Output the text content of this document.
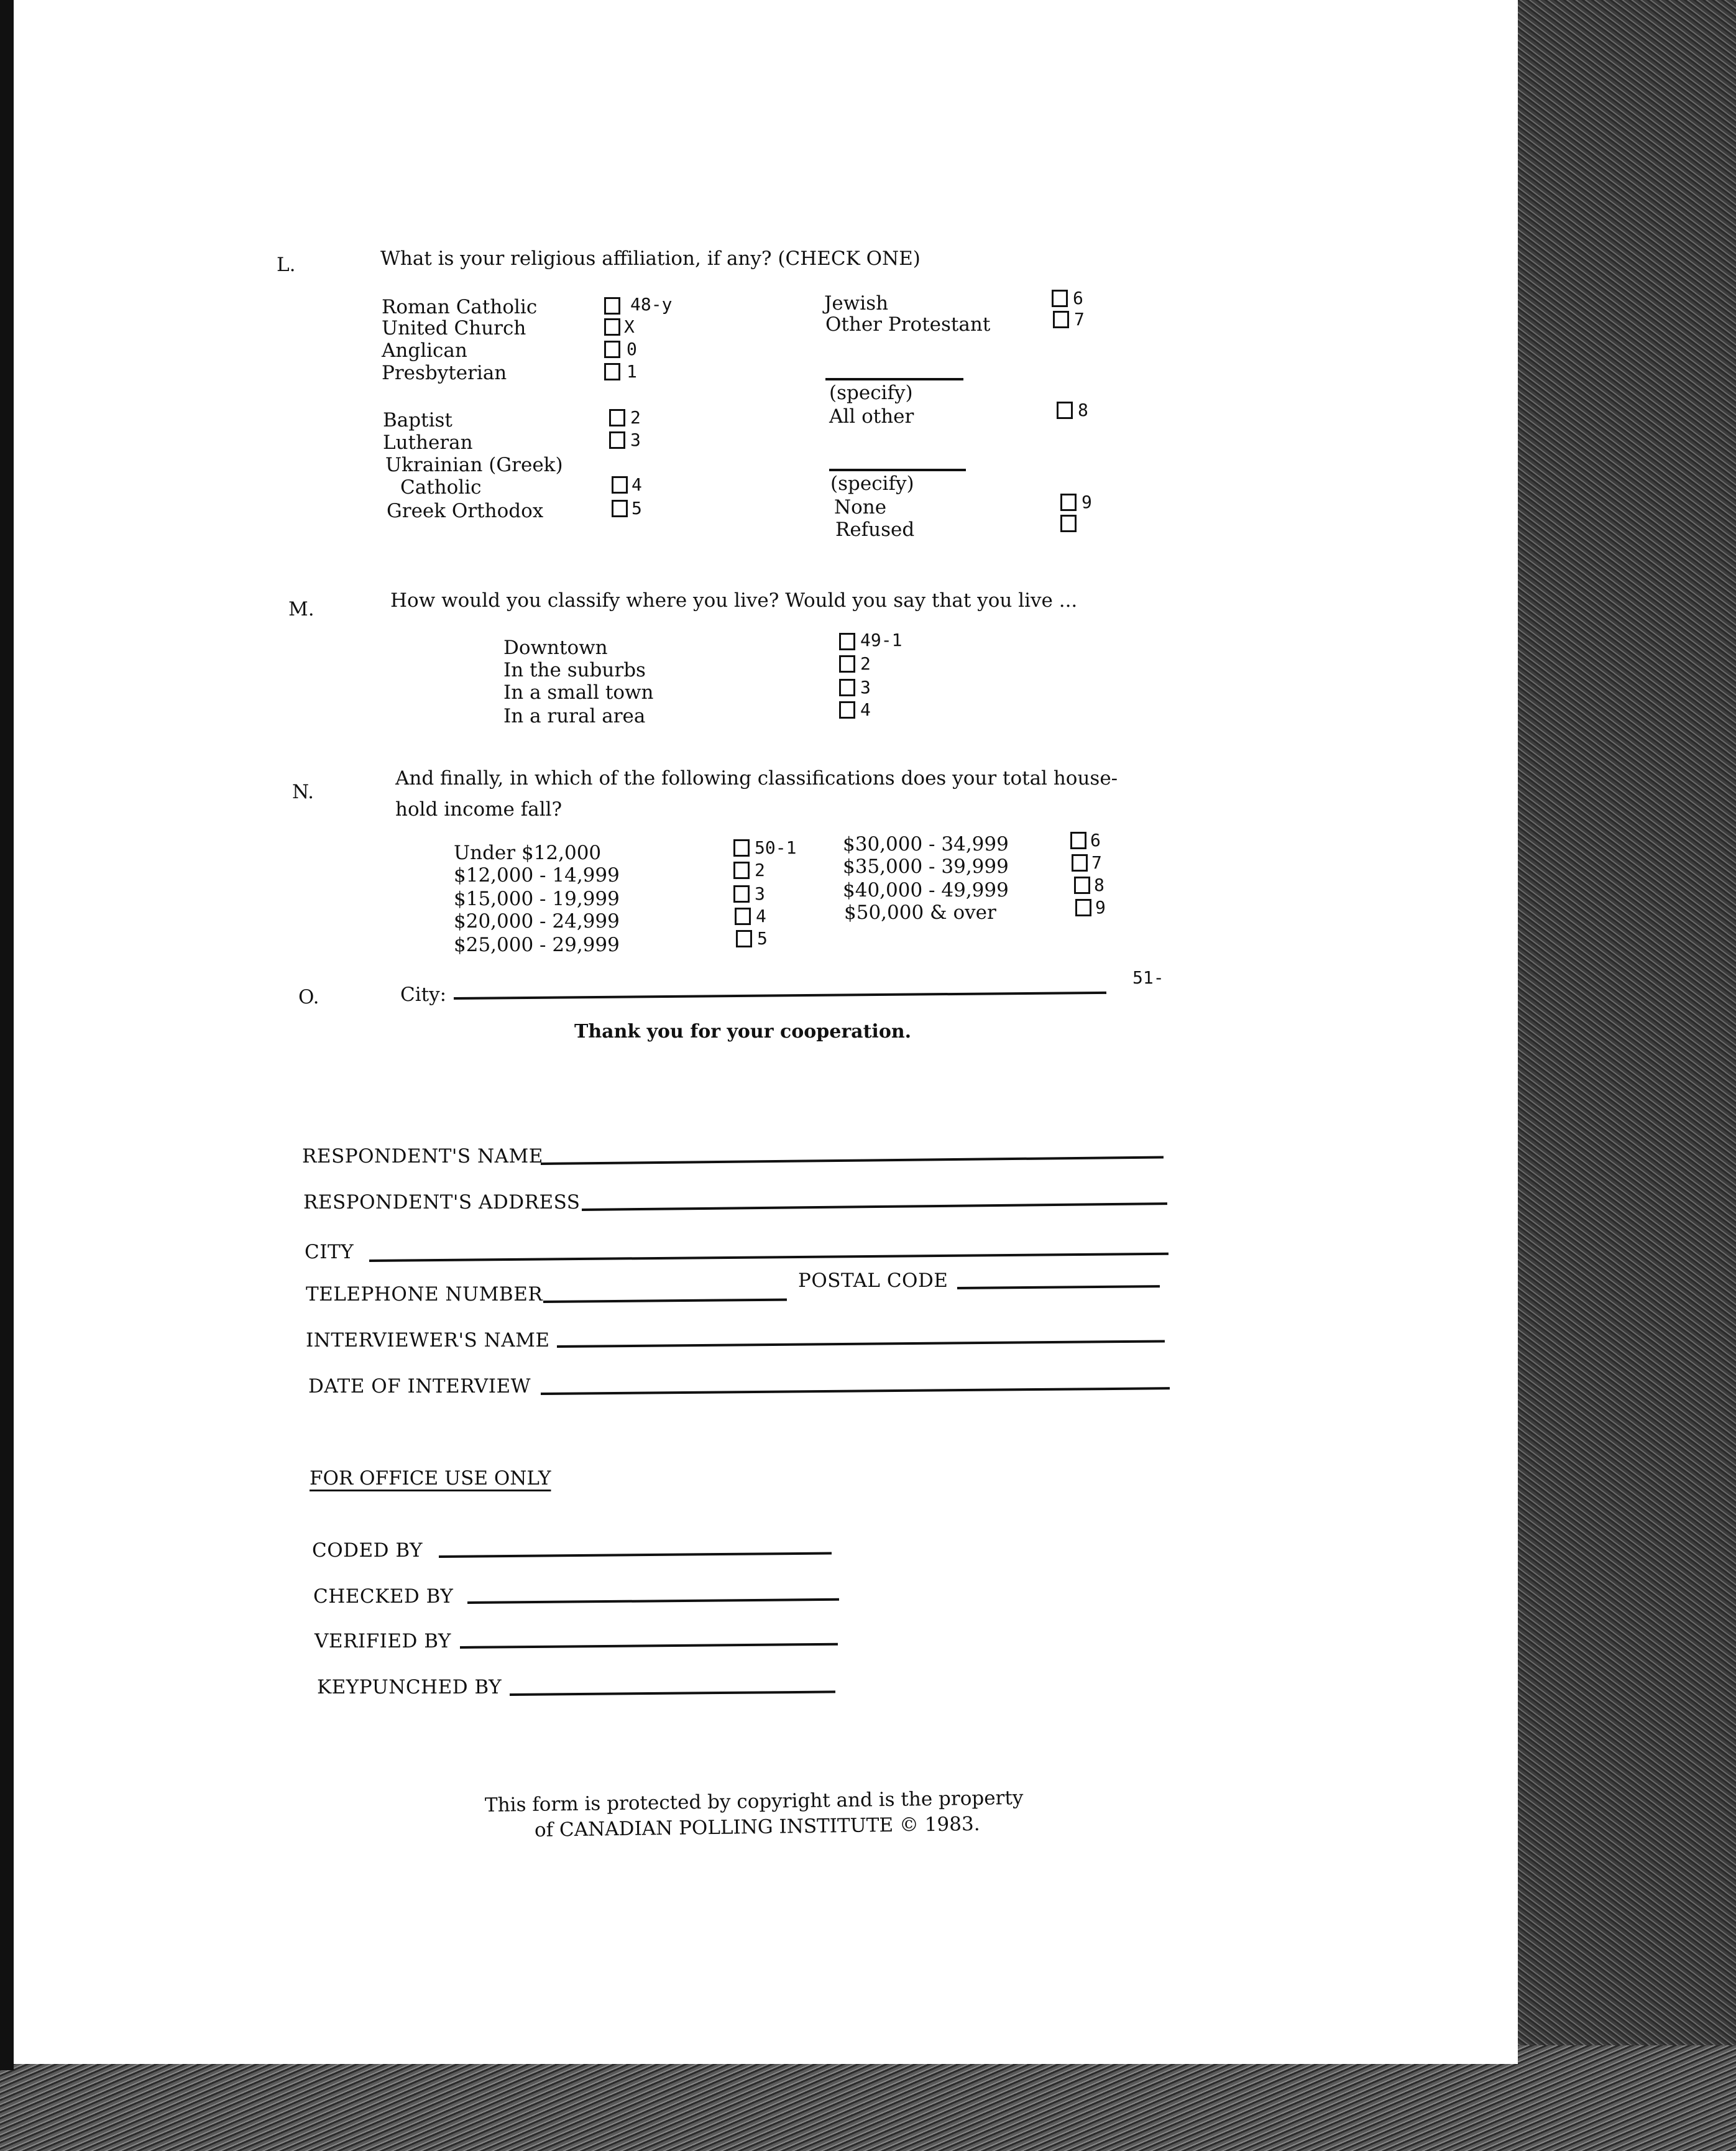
L.	What is your religious affiliation, if any? (CHECK ONE)
Roman Catholic	48-y
United Church	X
Anglican	0
Presbyterian	1
Baptist	2
Lutheran	3
Ukrainian (Greek)
Catholic	4
Greek Orthodox	5
Jewish	6
Other Protestant	7
(specify)
All other	8
(specify)
None	9
Refused
M.	How would you classify where you live? Would you say that you live ...
Downtown	49-1
In the suburbs	2
In a small town	3
In a rural area	4
N.
And finally, in which of the following classifications does your total house-
hold income fall?
Under $12,000	50-1
$12,000 - 14,999	2
$15,000 - 19,999	3
$20,000 - 24,999	4
$25,000 - 29,999	5
$30,000 - 34,999	6
$35,000 - 39,999	7
$40,000 - 49,999	8
$50,000 & over	9
O.	City:
51-
Thank you for your cooperation.
RESPONDENT'S NAME
RESPONDENT'S ADDRESS
CITY
TELEPHONE NUMBER
POSTAL CODE
INTERVIEWER'S NAME
DATE OF INTERVIEW
FOR OFFICE USE ONLY
CODED BY
CHECKED BY
VERIFIED BY
KEYPUNCHED BY
This form is protected by copyright and is the property
of CANADIAN POLLING INSTITUTE © 1983.
